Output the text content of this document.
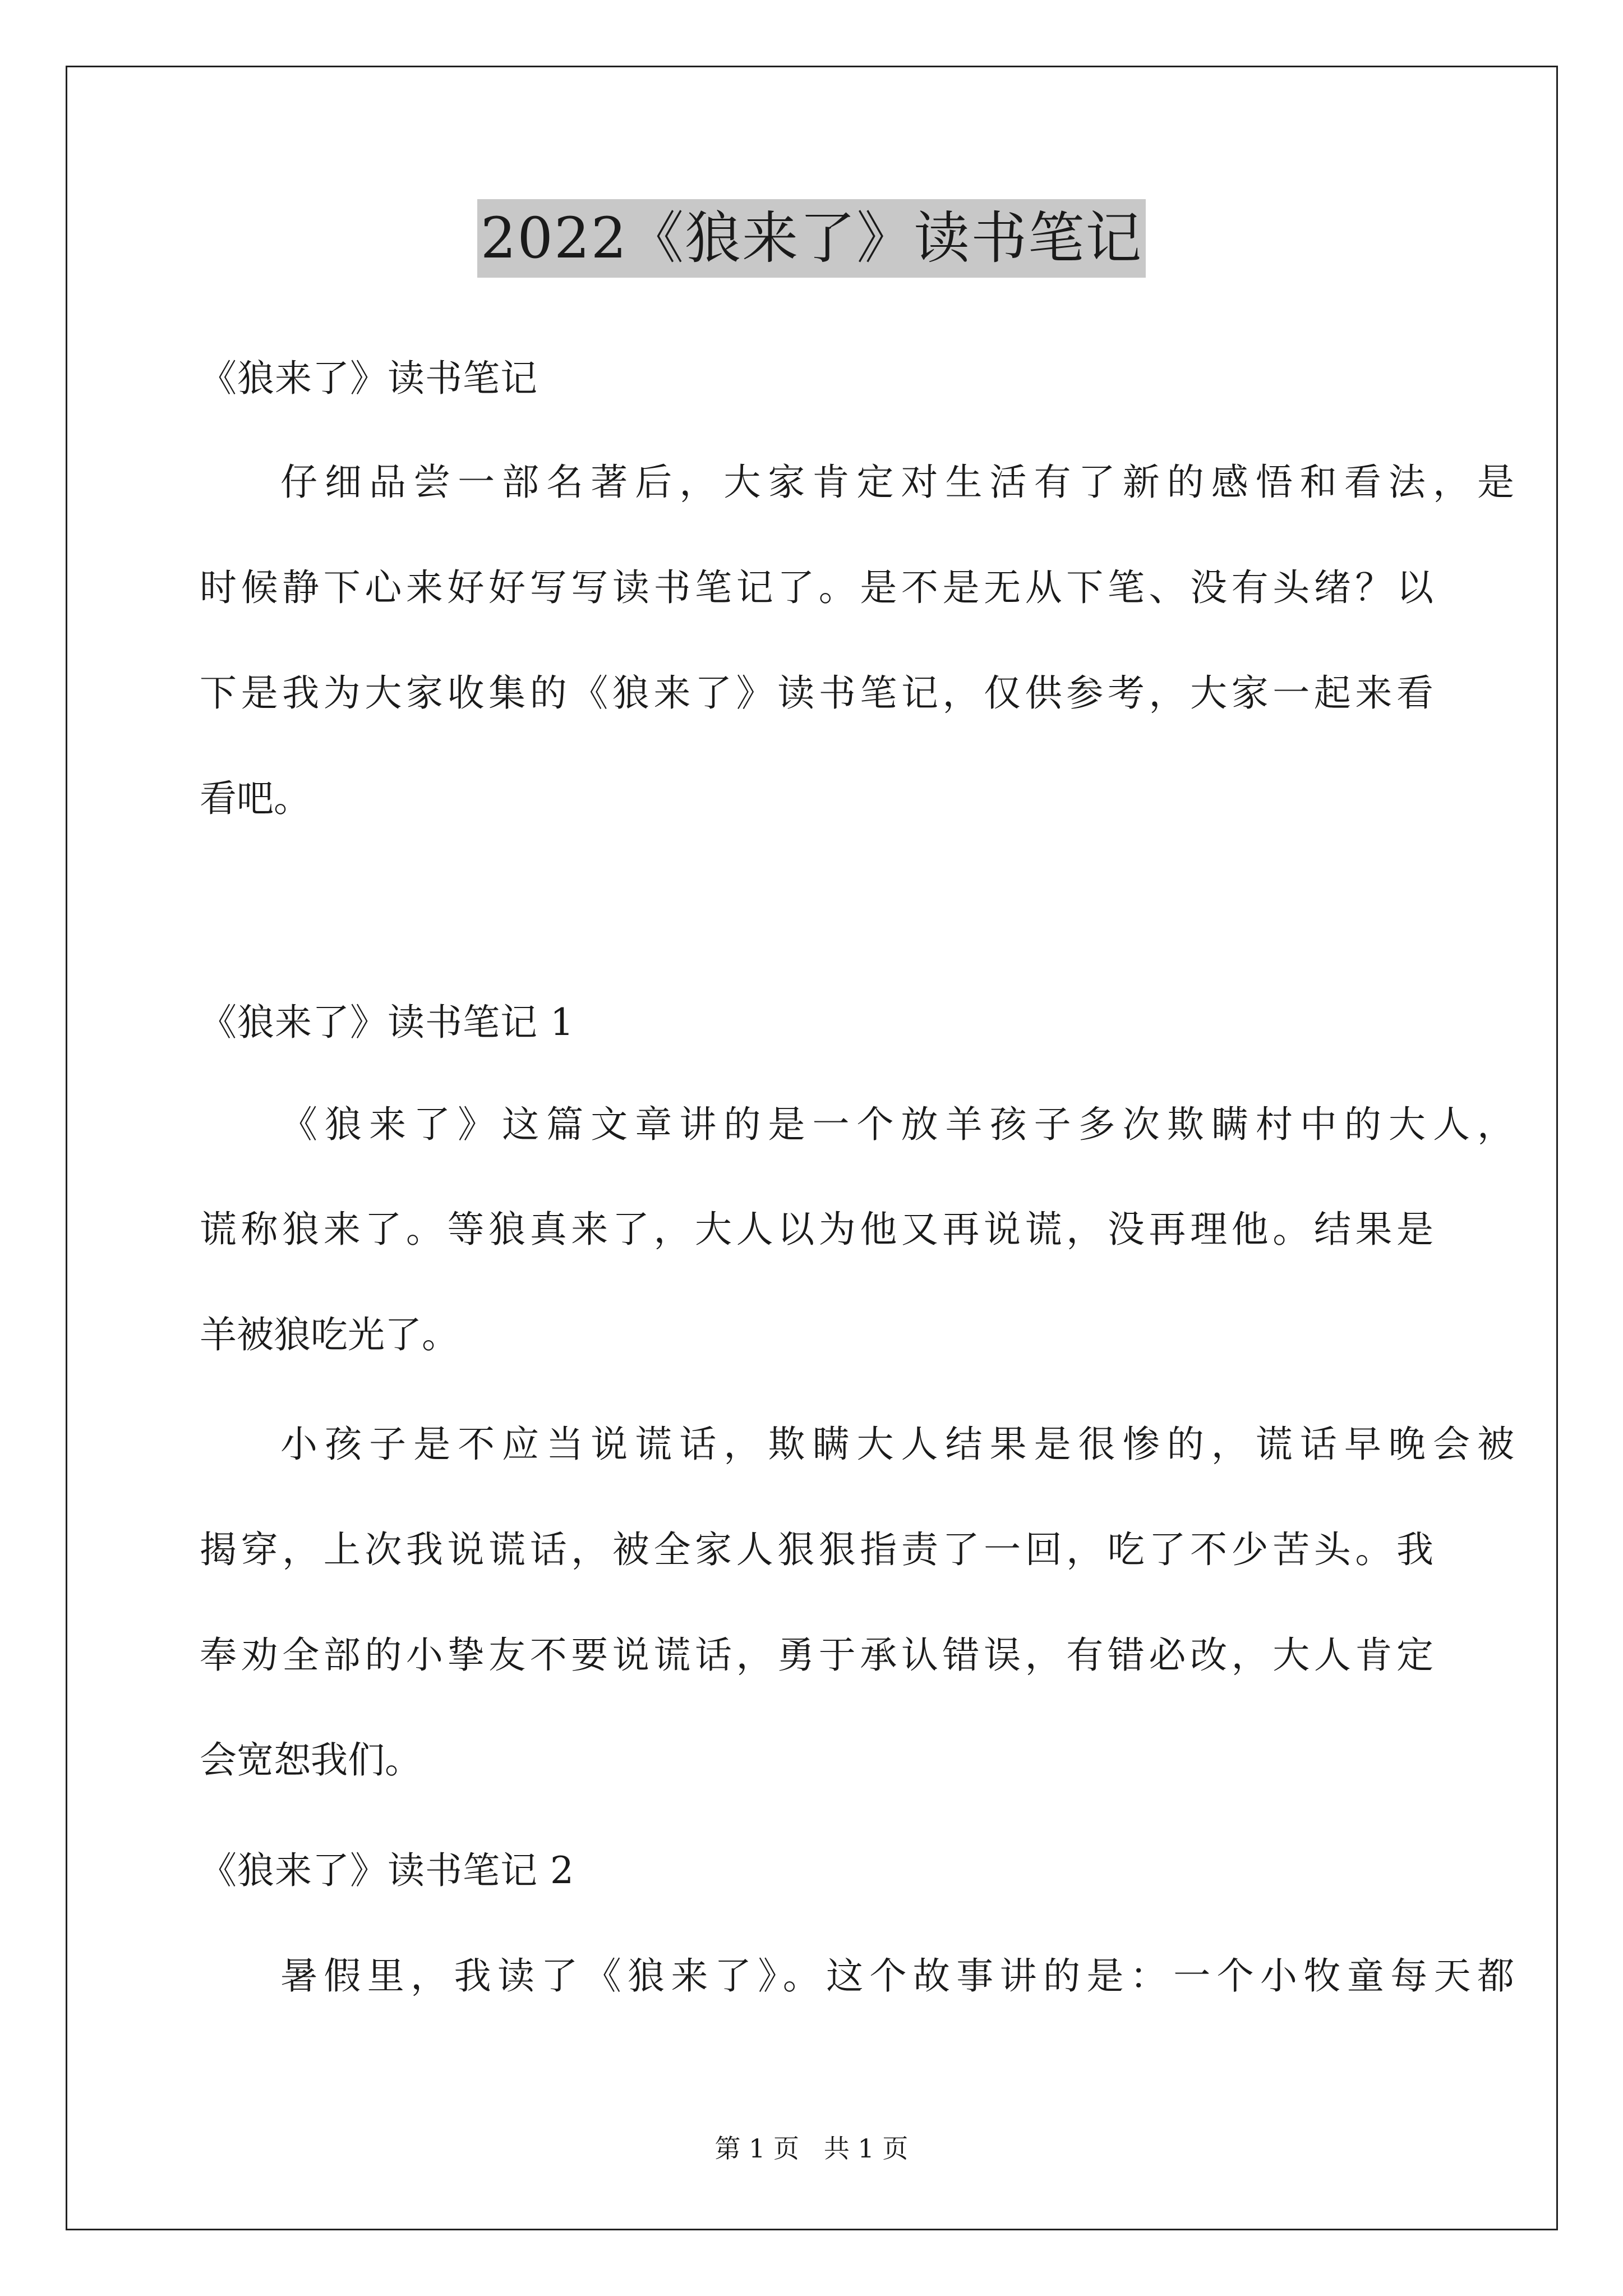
2022《狼来了》读书笔记
《狼来了》读书笔记
仔细品尝一部名著后，大家肯定对生活有了新的感悟和看法，是
时候静下心来好好写写读书笔记了。是不是无从下笔、没有头绪？以
下是我为大家收集的《狼来了》读书笔记，仅供参考，大家一起来看
看吧。
《狼来了》读书笔记 1
《狼来了》这篇文章讲的是一个放羊孩子多次欺瞒村中的大人，
谎称狼来了。等狼真来了，大人以为他又再说谎，没再理他。结果是
羊被狼吃光了。
小孩子是不应当说谎话，欺瞒大人结果是很惨的，谎话早晚会被
揭穿，上次我说谎话，被全家人狠狠指责了一回，吃了不少苦头。我
奉劝全部的小挚友不要说谎话，勇于承认错误，有错必改，大人肯定
会宽恕我们。
《狼来了》读书笔记 2
暑假里，我读了《狼来了》。这个故事讲的是：一个小牧童每天都
第 1 页   共 1 页
